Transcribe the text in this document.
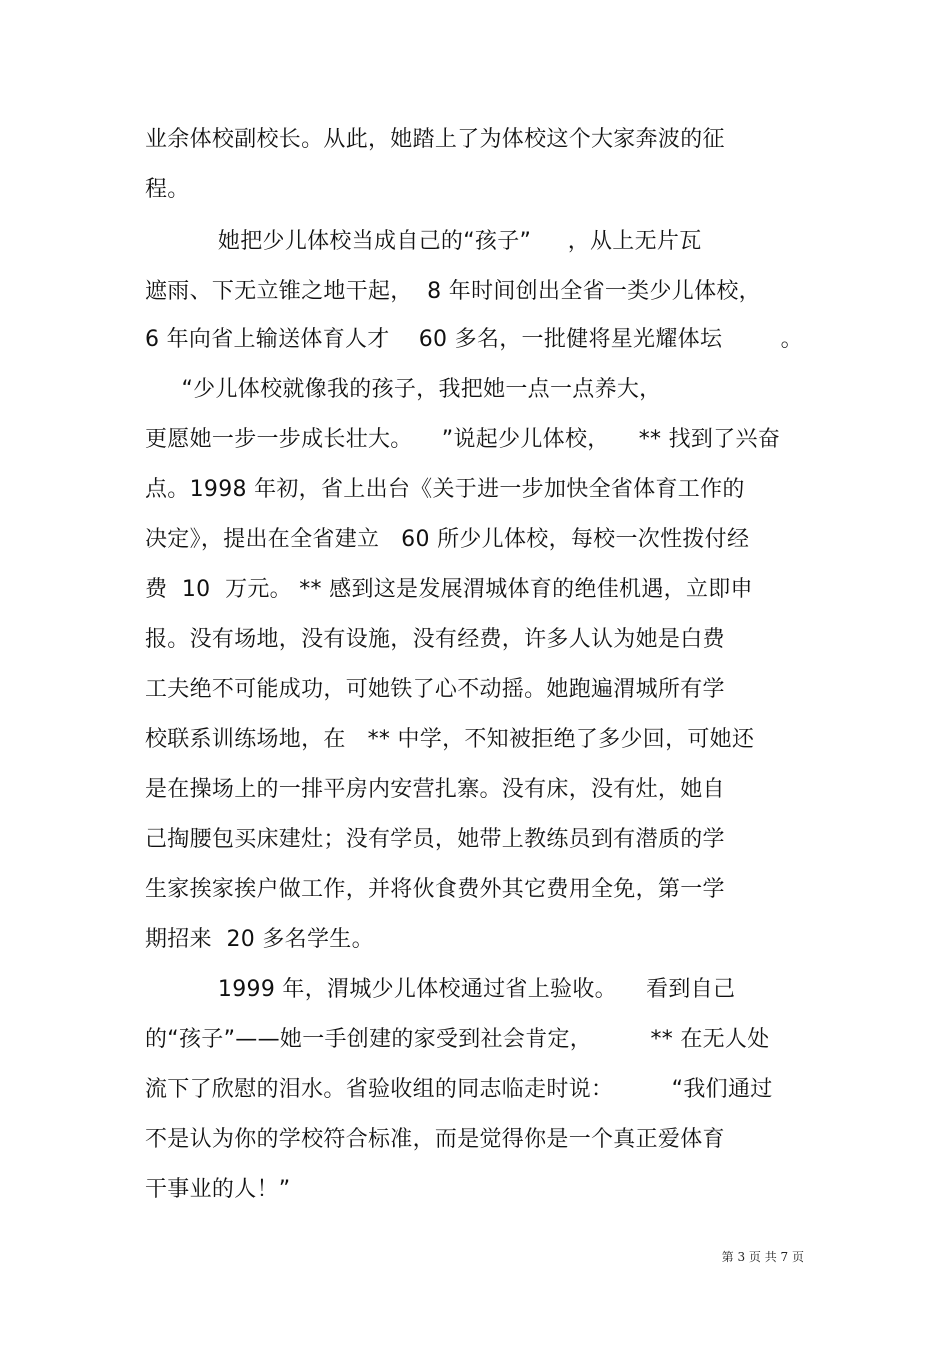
业余体校副校长。从此，她踏上了为体校这个大家奔波的征
程。
她把少儿体校当成自己的“孩子”     ，从上无片瓦
遮雨、下无立锥之地干起，  8 年时间创出全省一类少儿体校，
6 年向省上输送体育人才    60 多名，一批健将星光耀体坛        。
“少儿体校就像我的孩子，我把她一点一点养大，
更愿她一步一步成长壮大。    ”说起少儿体校，    ** 找到了兴奋
点。1998 年初，省上出台《关于进一步加快全省体育工作的
决定》，提出在全省建立   60 所少儿体校，每校一次性拨付经
费  10  万元。 ** 感到这是发展渭城体育的绝佳机遇，立即申
报。没有场地，没有设施，没有经费，许多人认为她是白费
工夫绝不可能成功，可她铁了心不动摇。她跑遍渭城所有学
校联系训练场地，在   ** 中学，不知被拒绝了多少回，可她还
是在操场上的一排平房内安营扎寨。没有床，没有灶，她自
己掏腰包买床建灶；没有学员，她带上教练员到有潜质的学
生家挨家挨户做工作，并将伙食费外其它费用全免，第一学
期招来  20 多名学生。
1999 年，渭城少儿体校通过省上验收。    看到自己
的“孩子”——她一手创建的家受到社会肯定，        ** 在无人处
流下了欣慰的泪水。省验收组的同志临走时说：        “我们通过
不是认为你的学校符合标准，而是觉得你是一个真正爱体育
干事业的人！”
第 3 页 共 7 页
